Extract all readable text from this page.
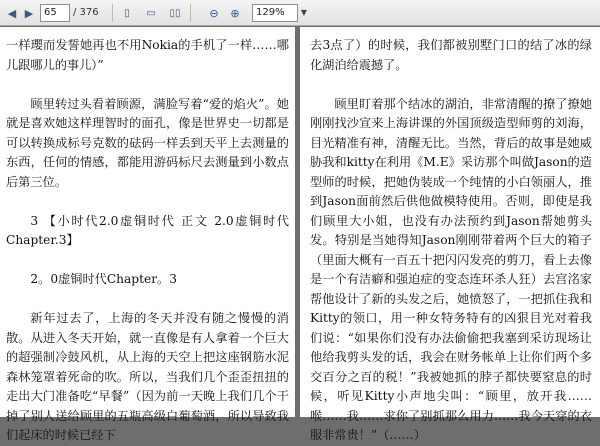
◀ ▶	65	/ 376	▯	▭	▯▯	⊖	⊕	129%	▼

一样瓔而发誓她再也不用Nokia的手机了一样……哪儿跟哪儿的事儿）”

顾里转过头看着顾源，满脸写着“爱的焰火”。她就是喜欢她这样理智时的面孔，像是世界史一切都是可以转换成标号克数的砝码一样丢到天平上去测量的东西，任何的情感，都能用游码标尺去测量到小数点后第三位。

3 【小时代2.0虚铜时代 正文 2.0虚铜时代 Chapter.3】

2。0虚铜时代Chapter。3

新年过去了，上海的冬天并没有随之慢慢的消散。从进入冬天开始，就一直像是有人拿着一个巨大的超强制冷鼓风机，从上海的天空上把这座钢筋水泥森林笼罩着死命的吹。所以，当我们几个歪歪扭扭的走出大门准备吃“早餐”（因为前一天晚上我们几个干掉了别人送给顾里的五瓶高级白葡萄酒，所以导致我们起床的时候已经下

去3点了）的时候，我们都被别墅门口的结了冰的绿化湖泊给震撼了。

顾里盯着那个结冰的湖泊，非常清醒的撩了撩她刚刚找沙宣来上海讲课的外国顶级造型师剪的刘海，目光精准有神，清醒无比。当然，背后的故事是她威胁我和kitty在利用《M.E》采访那个叫做Jason的造型师的时候，把她伪装成一个纯情的小白领丽人，推到Jason面前然后供他做模特使用。否则，即使是我们顾里大小姐，也没有办法预约到Jason帮她剪头发。特别是当她得知Jason刚刚带着两个巨大的箱子（里面大概有一百五十把闪闪发亮的剪刀，看上去像是一个有洁癖和强迫症的变态连环杀人狂）去宫洺家帮他设计了新的头发之后，她愤怒了，一把抓住我和Kitty的领口，用一种女特务特有的凶狠目光对着我们说：“如果你们没有办法偷偷把我塞到采访现场让他给我剪头发的话，我会在财务帐单上让你们两个多交百分之百的税！”我被她抓的脖子都快要窒息的时候，听见Kitty小声地尖叫：“顾里，放开我……喉……我……求你了别抓那么用力……我今天穿的衣服非常贵！”（……）
